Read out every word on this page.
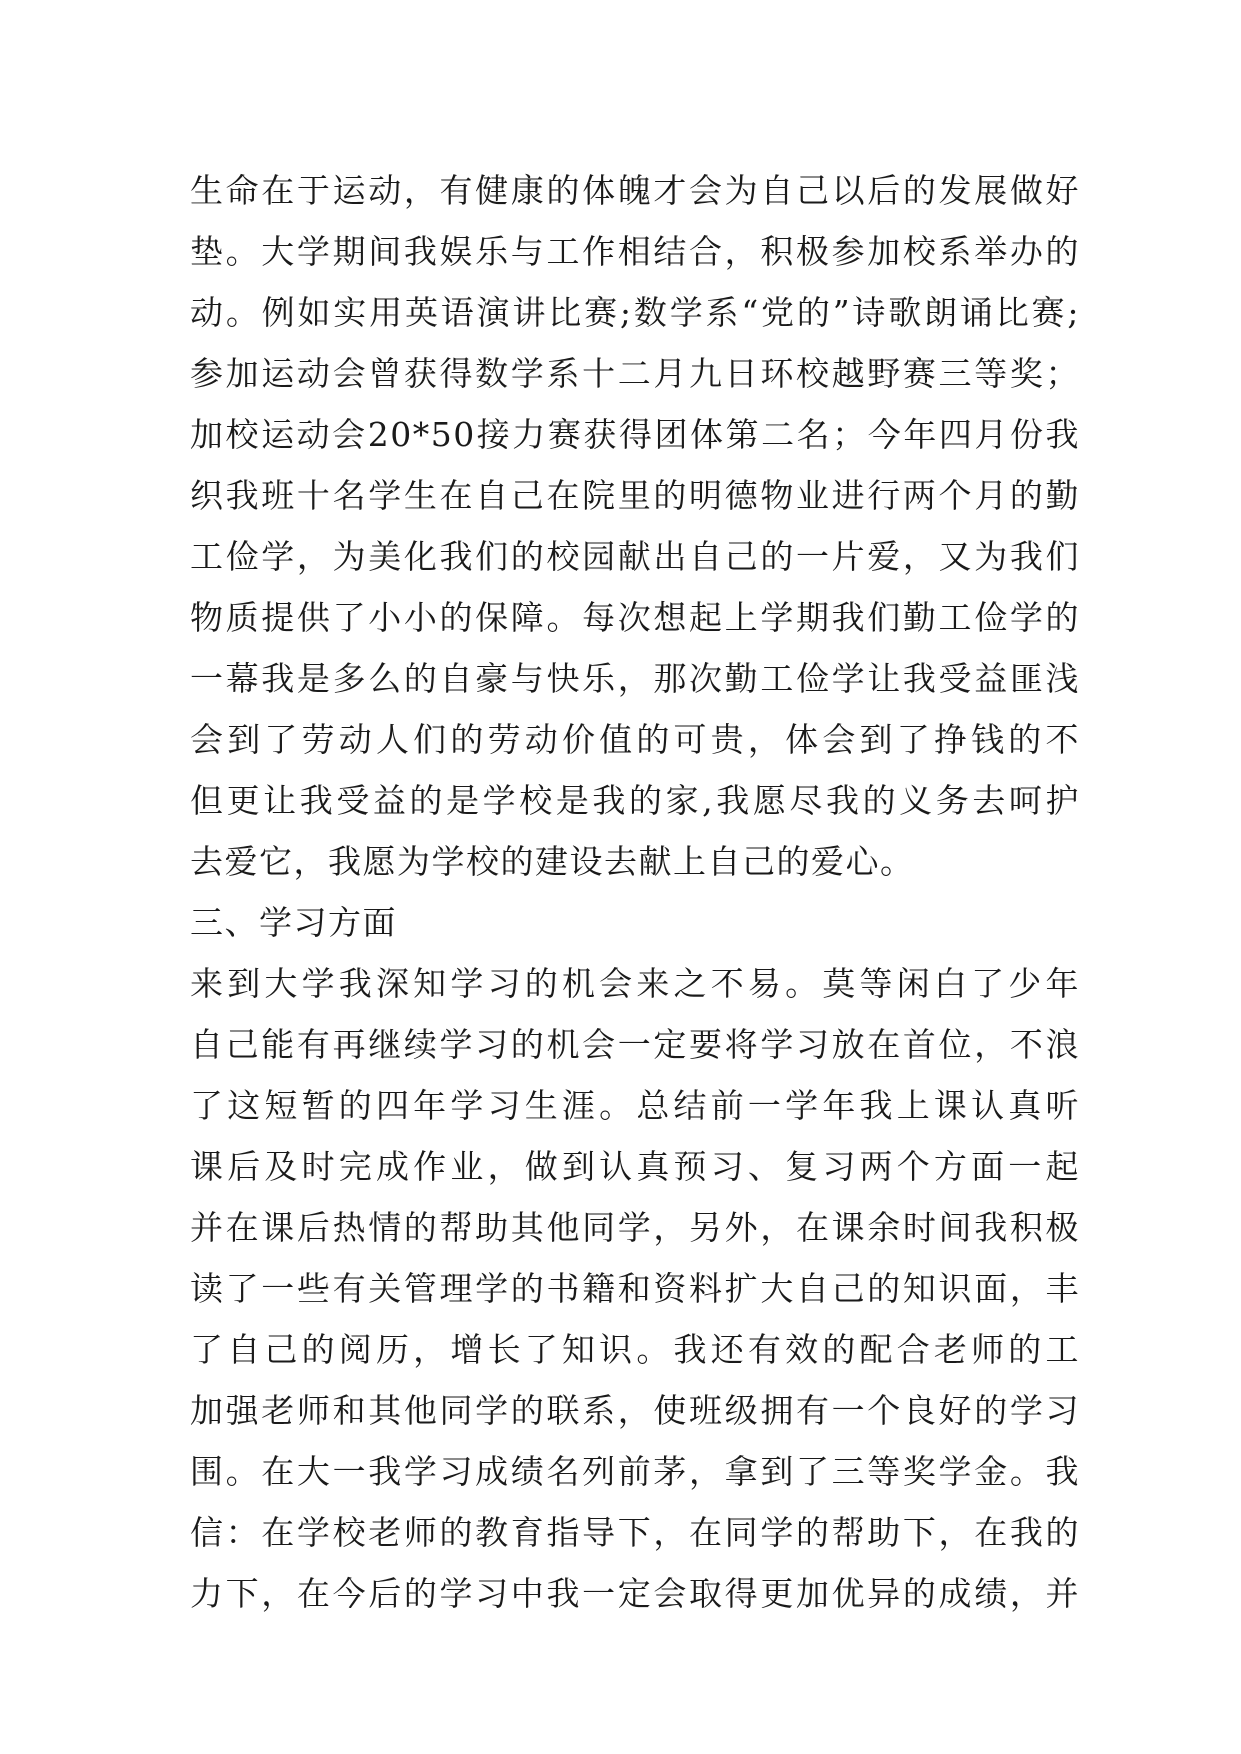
生命在于运动，有健康的体魄才会为自己以后的发展做好
垫。大学期间我娱乐与工作相结合，积极参加校系举办的
动。例如实用英语演讲比赛;数学系“党的”诗歌朗诵比赛;
参加运动会曾获得数学系十二月九日环校越野赛三等奖；
加校运动会20*50接力赛获得团体第二名；今年四月份我
织我班十名学生在自己在院里的明德物业进行两个月的勤
工俭学，为美化我们的校园献出自己的一片爱，又为我们
物质提供了小小的保障。每次想起上学期我们勤工俭学的
一幕我是多么的自豪与快乐，那次勤工俭学让我受益匪浅
会到了劳动人们的劳动价值的可贵，体会到了挣钱的不
但更让我受益的是学校是我的家,我愿尽我的义务去呵护
去爱它，我愿为学校的建设去献上自己的爱心。
三、学习方面
来到大学我深知学习的机会来之不易。莫等闲白了少年
自己能有再继续学习的机会一定要将学习放在首位，不浪
了这短暂的四年学习生涯。总结前一学年我上课认真听
课后及时完成作业，做到认真预习、复习两个方面一起
并在课后热情的帮助其他同学，另外，在课余时间我积极
读了一些有关管理学的书籍和资料扩大自己的知识面，丰
了自己的阅历，增长了知识。我还有效的配合老师的工
加强老师和其他同学的联系，使班级拥有一个良好的学习
围。在大一我学习成绩名列前茅，拿到了三等奖学金。我
信：在学校老师的教育指导下，在同学的帮助下，在我的
力下，在今后的学习中我一定会取得更加优异的成绩，并
